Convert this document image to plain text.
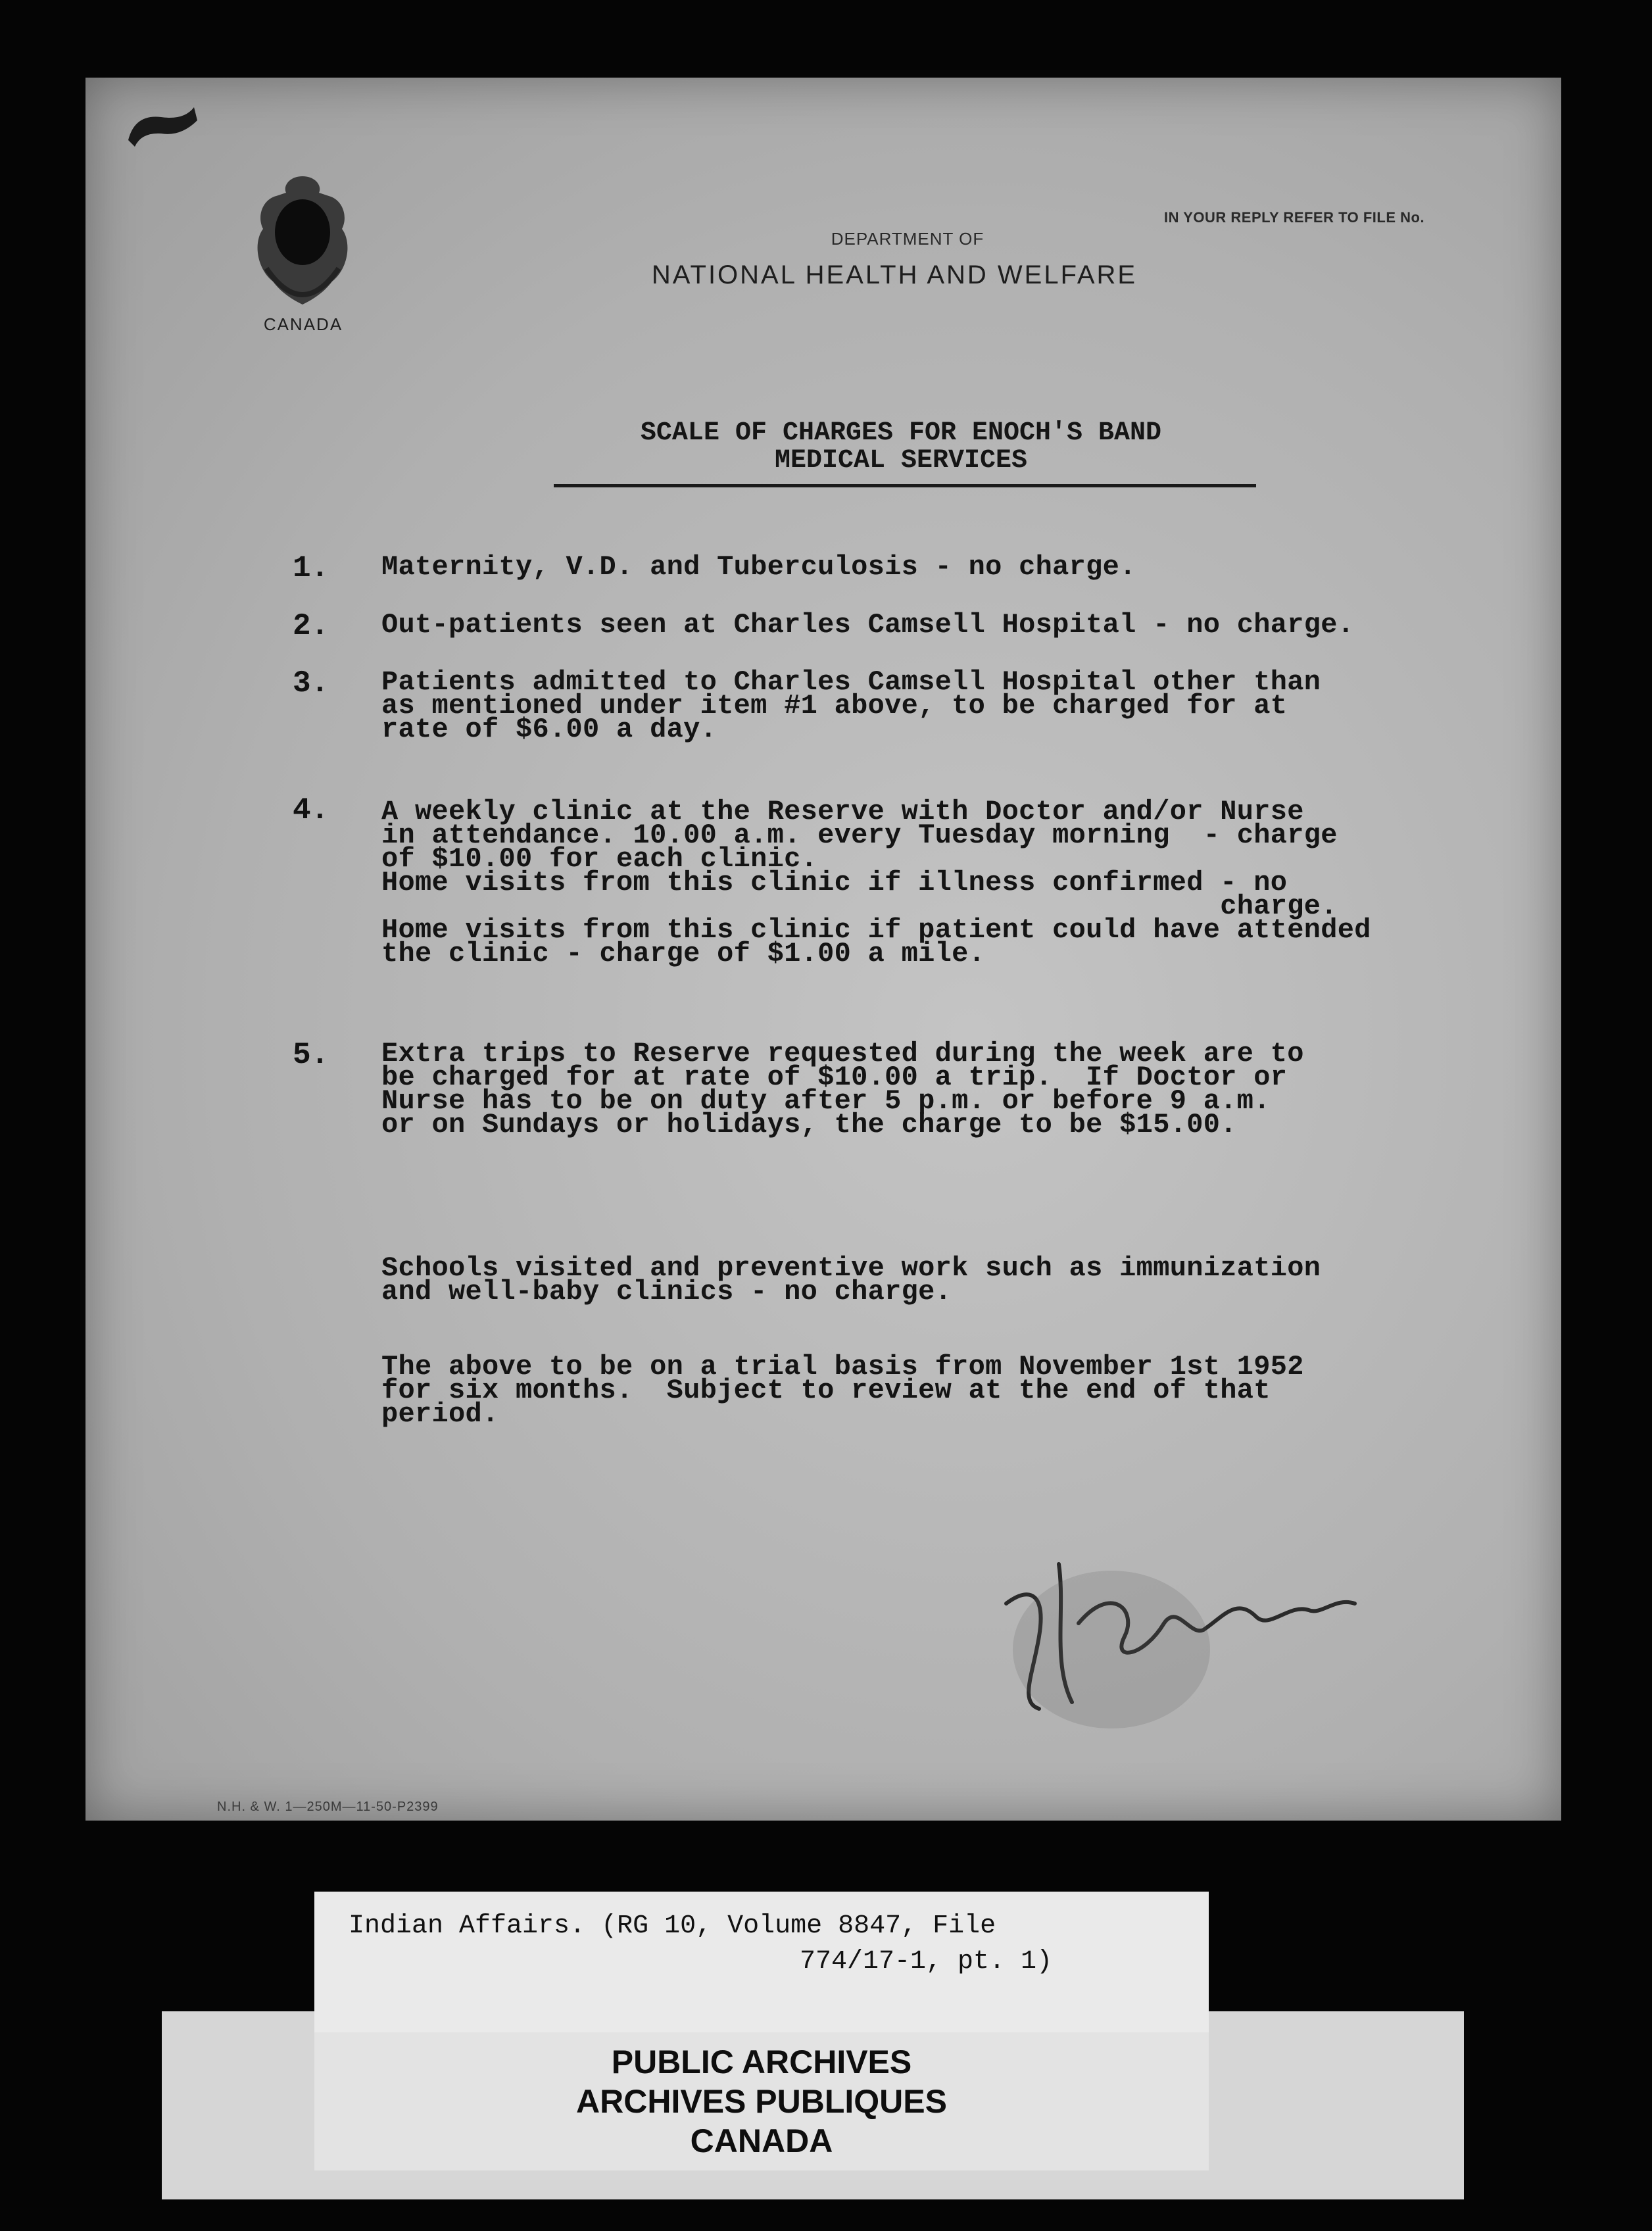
CANADA
DEPARTMENT OF
NATIONAL HEALTH AND WELFARE
IN YOUR REPLY REFER TO FILE No.
SCALE OF CHARGES FOR ENOCH'S BAND
MEDICAL SERVICES
1. Maternity, V.D. and Tuberculosis - no charge.
2. Out-patients seen at Charles Camsell Hospital - no charge.
3. Patients admitted to Charles Camsell Hospital other than
as mentioned under item #1 above, to be charged for at
rate of $6.00 a day.
4. A weekly clinic at the Reserve with Doctor and/or Nurse
in attendance. 10.00 a.m. every Tuesday morning  - charge
of $10.00 for each clinic.
Home visits from this clinic if illness confirmed - no
charge.
Home visits from this clinic if patient could have attended
the clinic - charge of $1.00 a mile.
5. Extra trips to Reserve requested during the week are to
be charged for at rate of $10.00 a trip.  If Doctor or
Nurse has to be on duty after 5 p.m. or before 9 a.m.
or on Sundays or holidays, the charge to be $15.00.
Schools visited and preventive work such as immunization
and well-baby clinics - no charge.
The above to be on a trial basis from November 1st 1952
for six months.  Subject to review at the end of that
period.
N.H. & W. 1—250M—11-50-P2399
Indian Affairs. (RG 10, Volume 8847, File
774/17-1, pt. 1)
PUBLIC ARCHIVES
ARCHIVES PUBLIQUES
CANADA
